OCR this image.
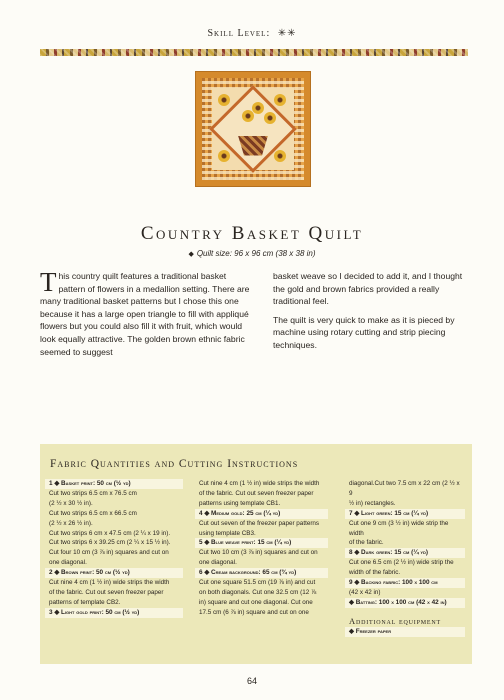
Skill Level: ✳✳
Country Basket Quilt
◆ Quilt size: 96 x 96 cm (38 x 38 in)

This country quilt features a traditional basket pattern of flowers in a medallion setting. There are many traditional basket patterns but I chose this one because it has a large open triangle to fill with appliqué flowers but you could also fill it with fruit, which would look equally attractive. The golden brown ethnic fabric seemed to suggest

basket weave so I decided to add it, and I thought the gold and brown fabrics provided a really traditional feel.

The quilt is very quick to make as it is pieced by machine using rotary cutting and strip piecing techniques.

Fabric Quantities and Cutting Instructions
1 ◆ Basket print: 50 cm (½ yd)
Cut two strips 6.5 cm x 76.5 cm
(2 ½ x 30 ½ in).
Cut two strips 6.5 cm x 66.5 cm
(2 ½ x 26 ½ in).
Cut two strips 6 cm x 47.5 cm (2 ¼ x 19 in).
Cut two strips 6 x 39.25 cm (2 ¼ x 15 ½ in).
Cut four 10 cm (3 ⅞ in) squares and cut on
one diagonal.
2 ◆ Brown print: 50 cm (½ yd)
Cut nine 4 cm (1 ½ in) wide strips the width
of the fabric. Cut out seven freezer paper
patterns of template CB2.
3 ◆ Light gold print: 50 cm (½ yd)
Cut nine 4 cm (1 ½ in) wide strips the width
of the fabric. Cut out seven freezer paper
patterns using template CB1.
4 ◆ Medium gold: 25 cm (¼ yd)
Cut out seven of the freezer paper patterns
using template CB3.
5 ◆ Blue weave print: 15 cm (¼ yd)
Cut two 10 cm (3 ⅞ in) squares and cut on
one diagonal.
6 ◆ Cream background: 65 cm (¾ yd)
Cut one square 51.5 cm (19 ⅞ in) and cut
on both diagonals. Cut one 32.5 cm (12 ⅞
in) square and cut one diagonal. Cut one
17.5 cm (6 ⅞ in) square and cut on one
diagonal.Cut two 7.5 cm x 22 cm (2 ½ x 9
½ in) rectangles.
7 ◆ Light green: 15 cm (¼ yd)
Cut one 9 cm (3 ½ in) wide strip the width
of the fabric.
8 ◆ Dark green: 15 cm (¼ yd)
Cut one 6.5 cm (2 ½ in) wide strip the
width of the fabric.
9 ◆ Backing fabric: 100 x 100 cm
(42 x 42 in)
◆ Batting: 100 x 100 cm (42 x 42 in)
Additional equipment
◆ Freezer paper
64
